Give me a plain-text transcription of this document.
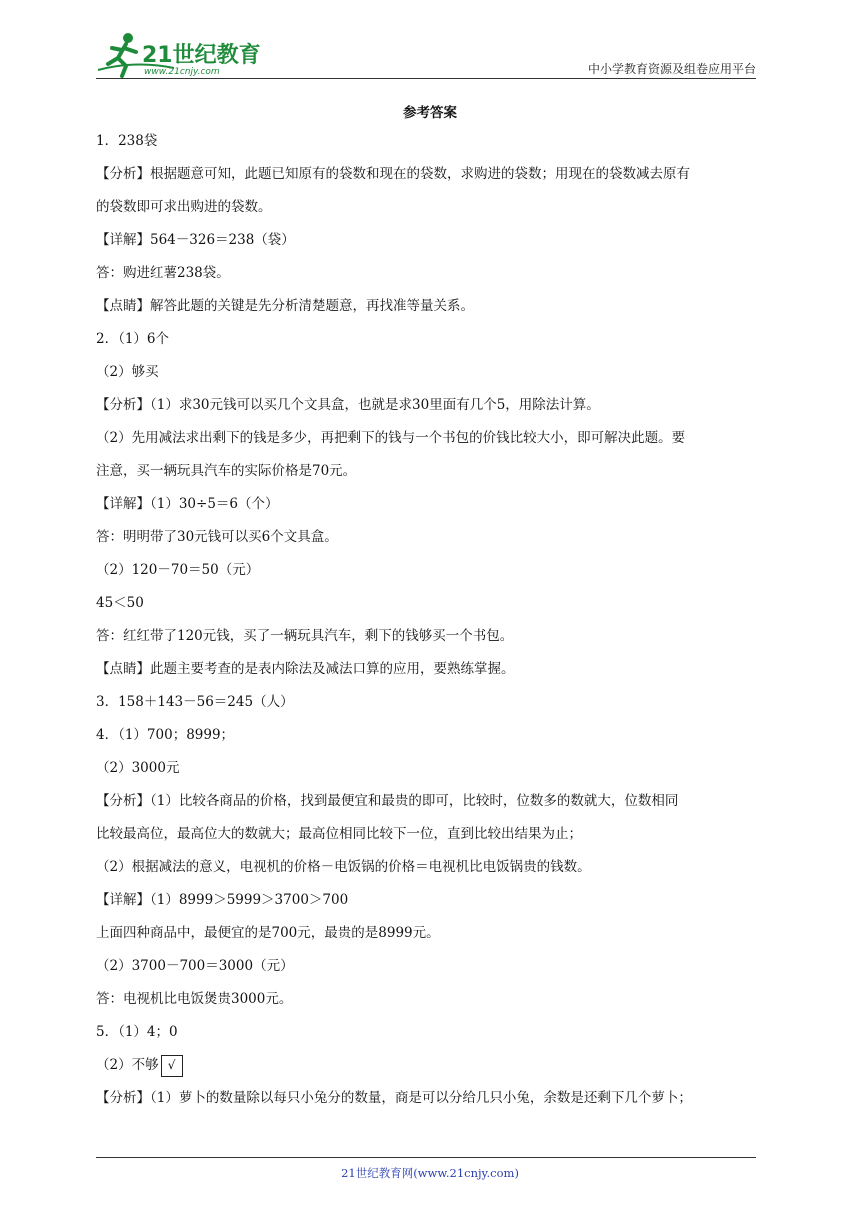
21世纪教育
www.21cnjy.com	中小学教育资源及组卷应用平台
参考答案
1．238袋
【分析】根据题意可知，此题已知原有的袋数和现在的袋数，求购进的袋数；用现在的袋数减去原有
的袋数即可求出购进的袋数。
【详解】564－326＝238（袋）
答：购进红薯238袋。
【点睛】解答此题的关键是先分析清楚题意，再找准等量关系。
2．（1）6个
（2）够买
【分析】（1）求30元钱可以买几个文具盒，也就是求30里面有几个5，用除法计算。
（2）先用减法求出剩下的钱是多少，再把剩下的钱与一个书包的价钱比较大小，即可解决此题。要
注意，买一辆玩具汽车的实际价格是70元。
【详解】（1）30÷5＝6（个）
答：明明带了30元钱可以买6个文具盒。
（2）120－70＝50（元）
45＜50
答：红红带了120元钱，买了一辆玩具汽车，剩下的钱够买一个书包。
【点睛】此题主要考查的是表内除法及减法口算的应用，要熟练掌握。
3．158＋143－56＝245（人）
4．（1）700；8999；
（2）3000元
【分析】（1）比较各商品的价格，找到最便宜和最贵的即可，比较时，位数多的数就大，位数相同
比较最高位，最高位大的数就大；最高位相同比较下一位，直到比较出结果为止；
（2）根据减法的意义，电视机的价格－电饭锅的价格＝电视机比电饭锅贵的钱数。
【详解】（1）8999＞5999＞3700＞700
上面四种商品中，最便宜的是700元，最贵的是8999元。
（2）3700－700＝3000（元）
答：电视机比电饭煲贵3000元。
5．（1）4；0
（2）不够 √
【分析】（1）萝卜的数量除以每只小兔分的数量，商是可以分给几只小兔，余数是还剩下几个萝卜；
21世纪教育网(www.21cnjy.com)
